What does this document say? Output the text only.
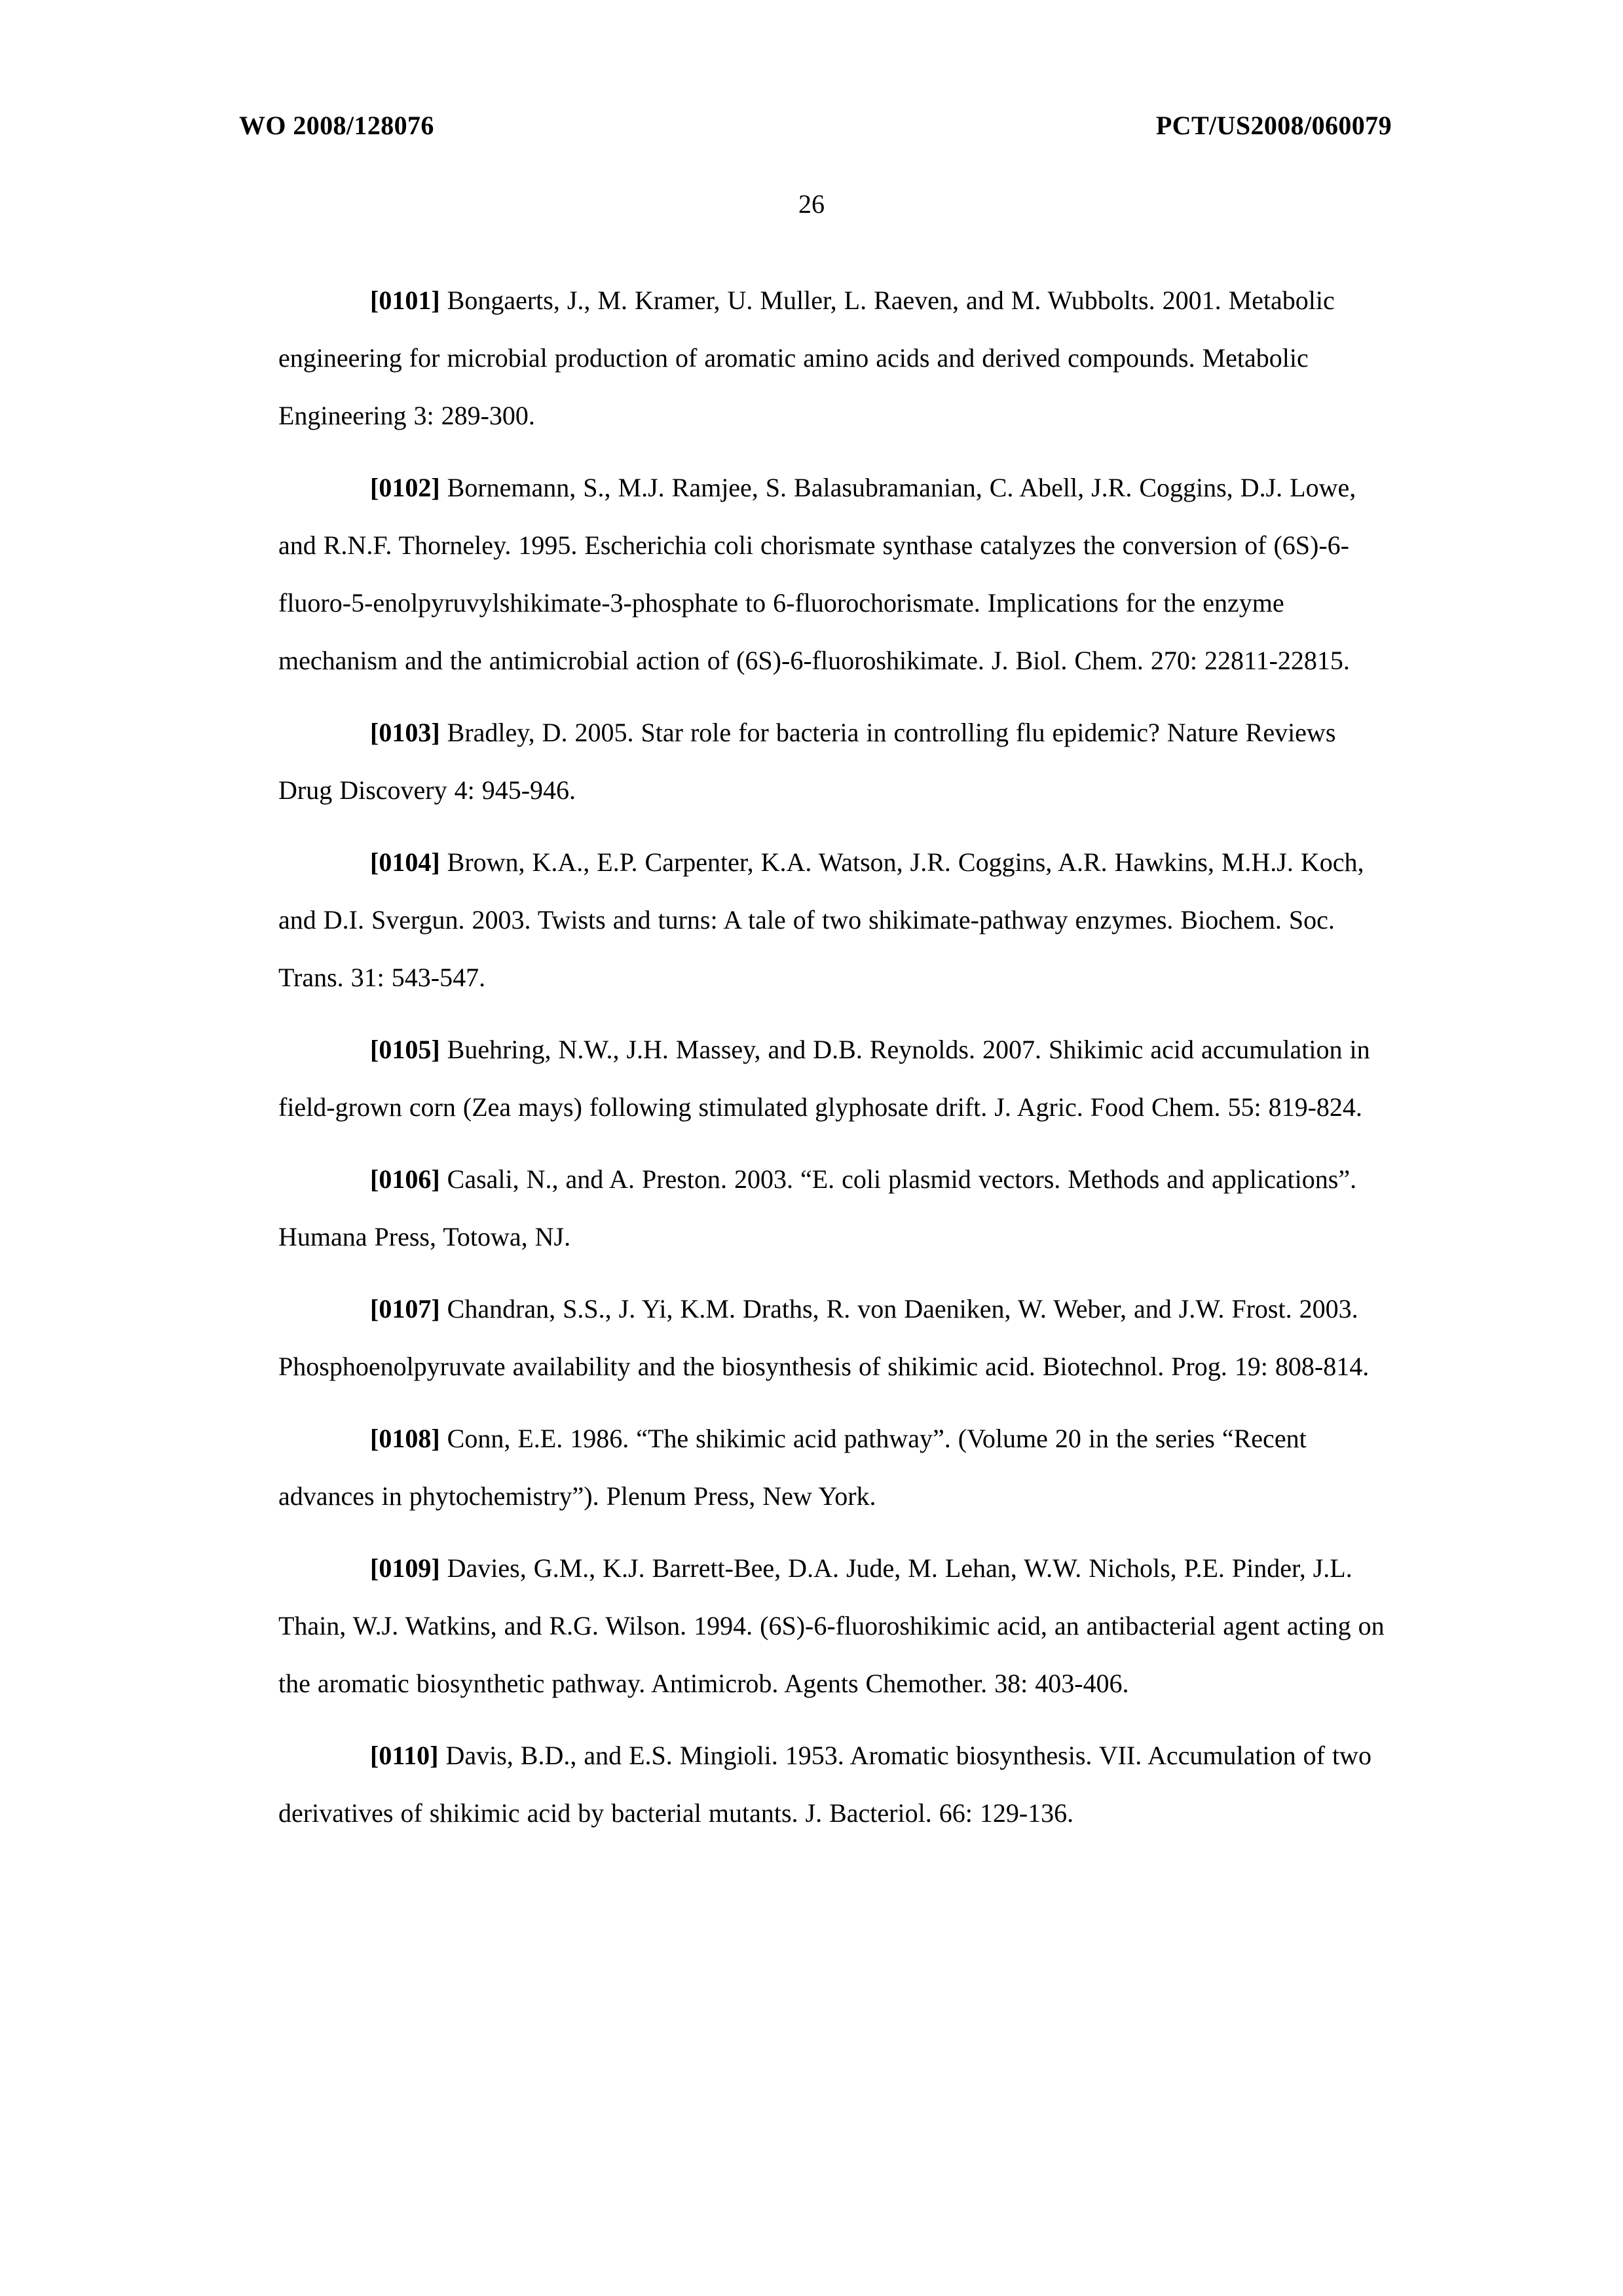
WO 2008/128076	PCT/US2008/060079
26

[0101] Bongaerts, J., M. Kramer, U. Muller, L. Raeven, and M. Wubbolts. 2001. Metabolic engineering for microbial production of aromatic amino acids and derived compounds. Metabolic Engineering 3: 289-300.

[0102] Bornemann, S., M.J. Ramjee, S. Balasubramanian, C. Abell, J.R. Coggins, D.J. Lowe, and R.N.F. Thorneley. 1995. Escherichia coli chorismate synthase catalyzes the conversion of (6S)-6-fluoro-5-enolpyruvylshikimate-3-phosphate to 6-fluorochorismate. Implications for the enzyme mechanism and the antimicrobial action of (6S)-6-fluoroshikimate. J. Biol. Chem. 270: 22811-22815.

[0103] Bradley, D. 2005. Star role for bacteria in controlling flu epidemic? Nature Reviews Drug Discovery 4: 945-946.

[0104] Brown, K.A., E.P. Carpenter, K.A. Watson, J.R. Coggins, A.R. Hawkins, M.H.J. Koch, and D.I. Svergun. 2003. Twists and turns: A tale of two shikimate-pathway enzymes. Biochem. Soc. Trans. 31: 543-547.

[0105] Buehring, N.W., J.H. Massey, and D.B. Reynolds. 2007. Shikimic acid accumulation in field-grown corn (Zea mays) following stimulated glyphosate drift. J. Agric. Food Chem. 55: 819-824.

[0106] Casali, N., and A. Preston. 2003. “E. coli plasmid vectors. Methods and applications”. Humana Press, Totowa, NJ.

[0107] Chandran, S.S., J. Yi, K.M. Draths, R. von Daeniken, W. Weber, and J.W. Frost. 2003. Phosphoenolpyruvate availability and the biosynthesis of shikimic acid. Biotechnol. Prog. 19: 808-814.

[0108] Conn, E.E. 1986. “The shikimic acid pathway”. (Volume 20 in the series “Recent advances in phytochemistry”). Plenum Press, New York.

[0109] Davies, G.M., K.J. Barrett-Bee, D.A. Jude, M. Lehan, W.W. Nichols, P.E. Pinder, J.L. Thain, W.J. Watkins, and R.G. Wilson. 1994. (6S)-6-fluoroshikimic acid, an antibacterial agent acting on the aromatic biosynthetic pathway. Antimicrob. Agents Chemother. 38: 403-406.

[0110] Davis, B.D., and E.S. Mingioli. 1953. Aromatic biosynthesis. VII. Accumulation of two derivatives of shikimic acid by bacterial mutants. J. Bacteriol. 66: 129-136.
